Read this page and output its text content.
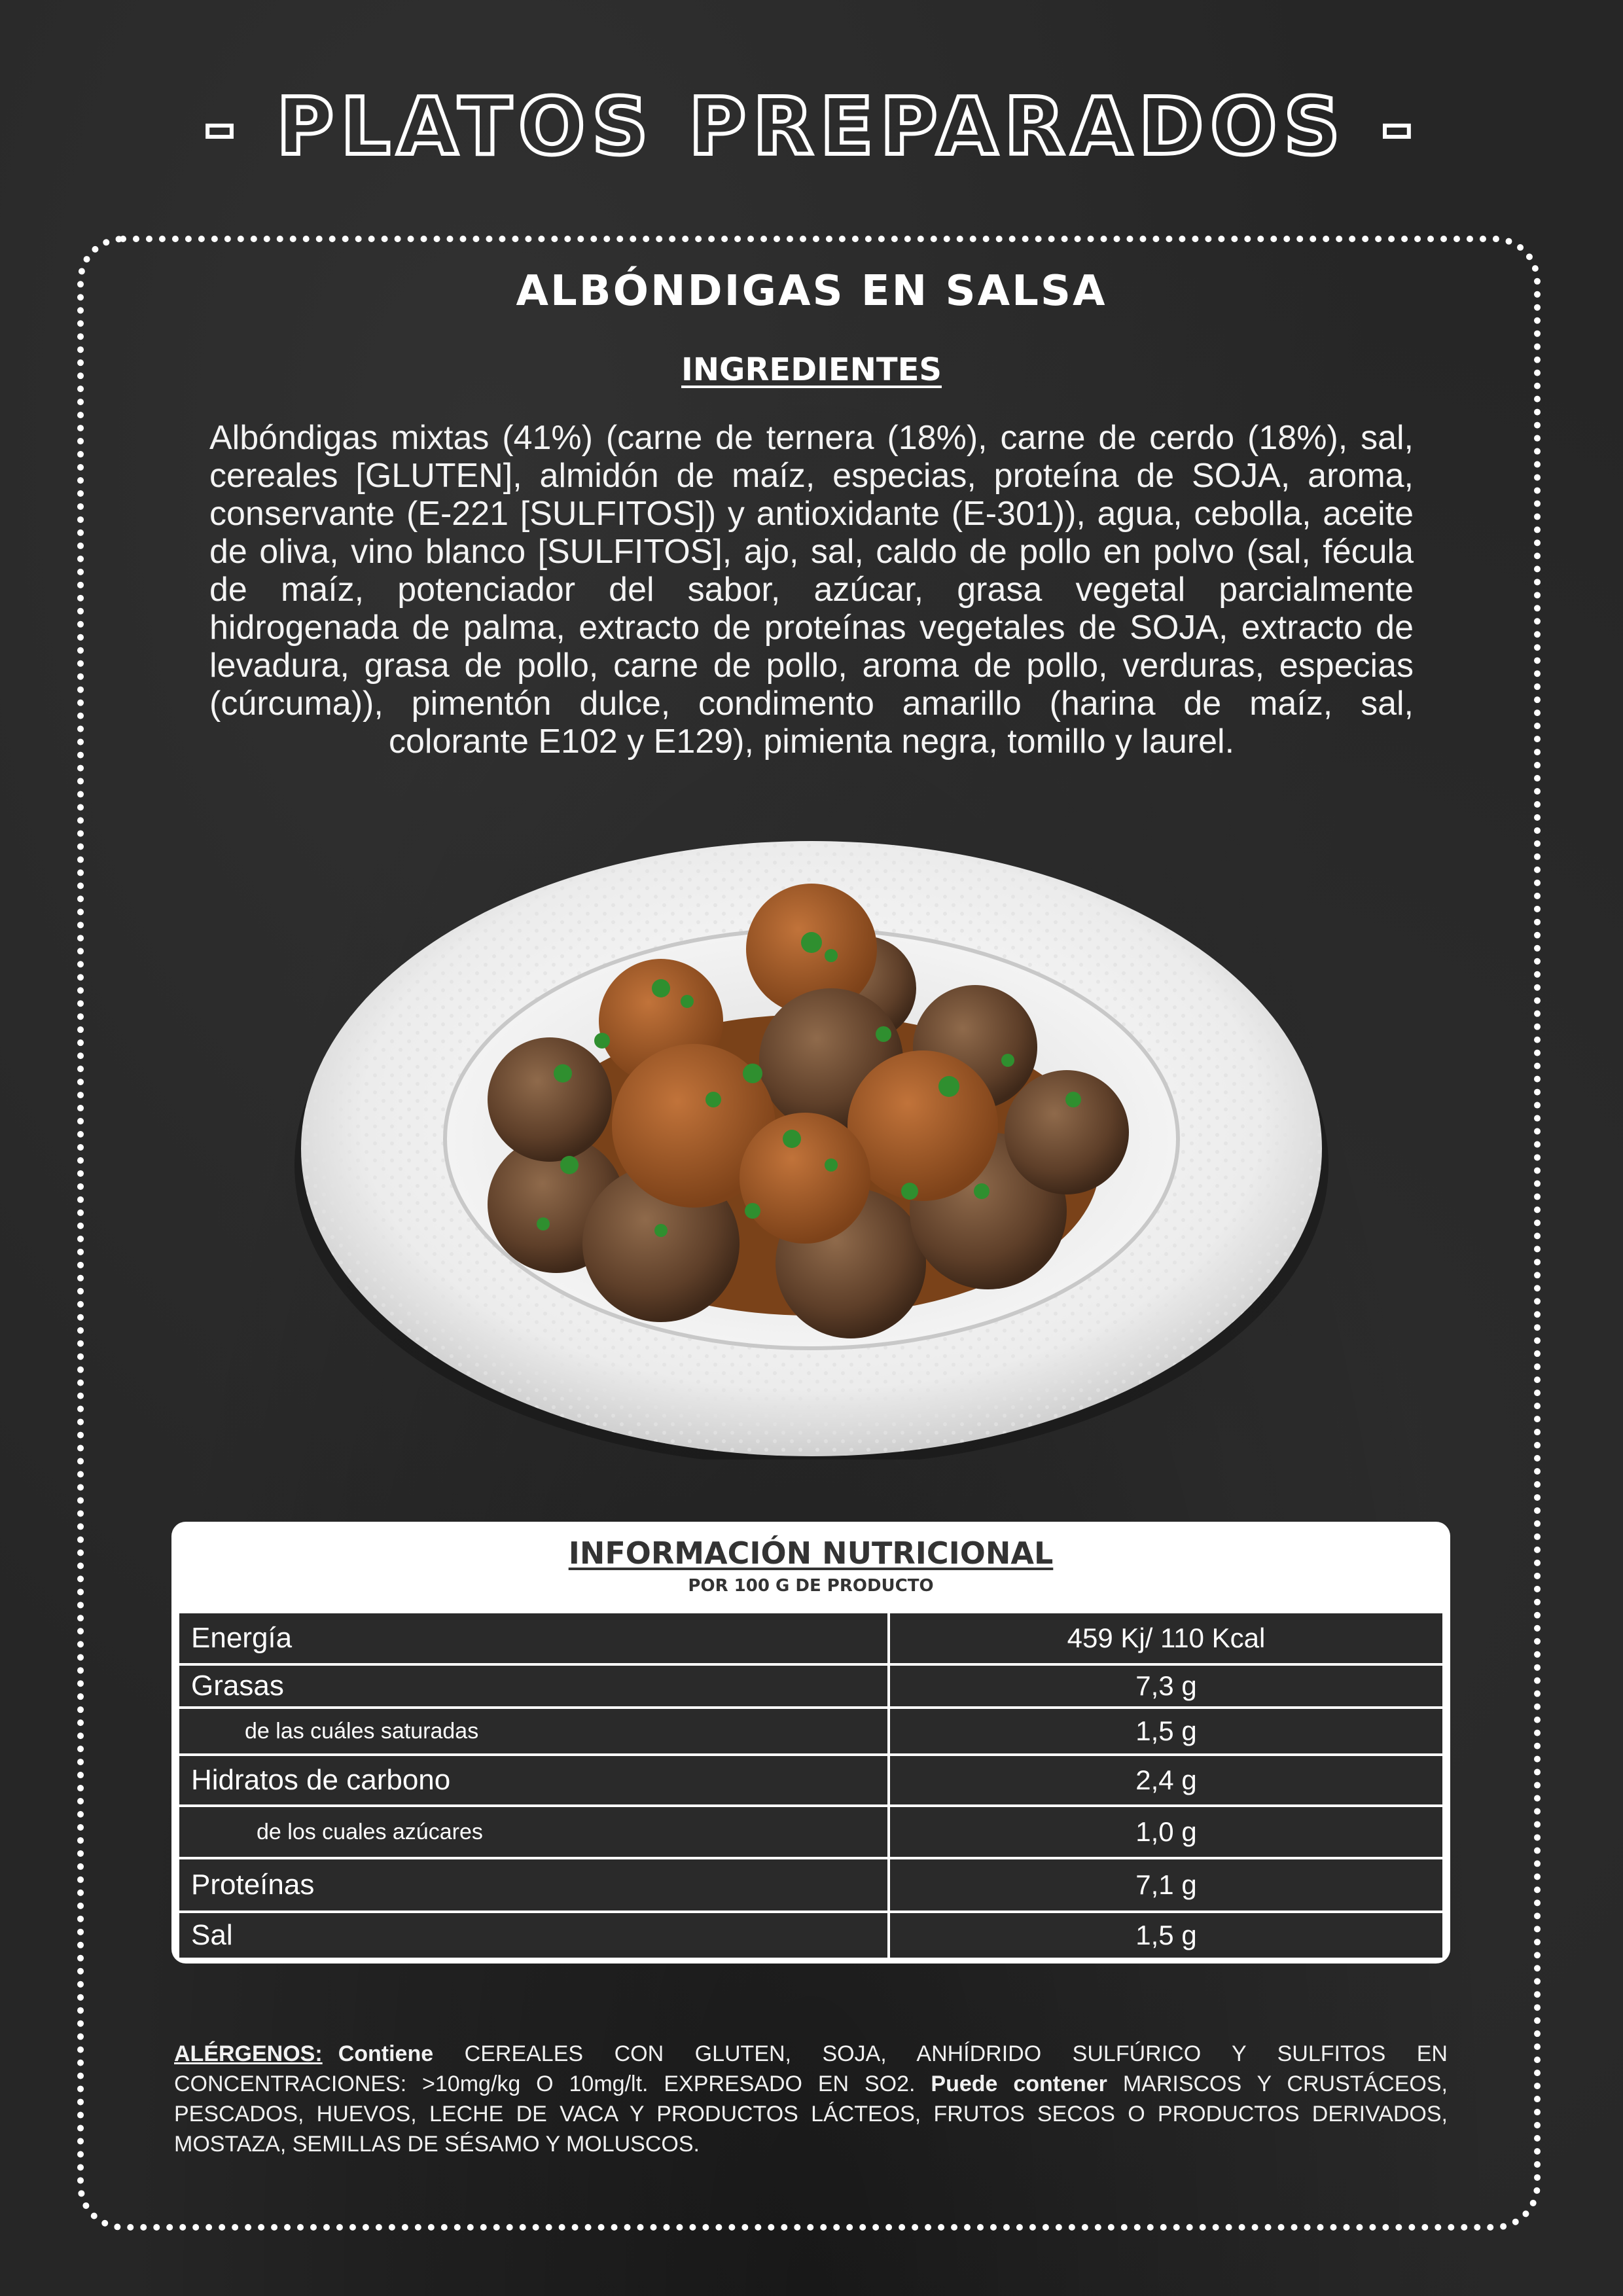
- PLATOS PREPARADOS -
ALBÓNDIGAS EN SALSA
INGREDIENTES
Albóndigas mixtas (41%) (carne de ternera (18%), carne de cerdo (18%), sal, cereales [GLUTEN], almidón de maíz, especias, proteína de SOJA, aroma, conservante (E-221 [SULFITOS]) y antioxidante (E-301)), agua, cebolla, aceite de oliva, vino blanco [SULFITOS], ajo, sal, caldo de pollo en polvo (sal, fécula de maíz, potenciador del sabor, azúcar, grasa vegetal parcialmente hidrogenada de palma, extracto de proteínas vegetales de SOJA, extracto de levadura, grasa de pollo, carne de pollo, aroma de pollo, verduras, especias (cúrcuma)), pimentón dulce, condimento amarillo (harina de maíz, sal, colorante E102 y E129), pimienta negra, tomillo y laurel.
INFORMACIÓN NUTRICIONAL
POR 100 G DE PRODUCTO
Energía	459 Kj/ 110 Kcal
Grasas	7,3 g
de las cuáles saturadas	1,5 g
Hidratos de carbono	2,4 g
de los cuales azúcares	1,0 g
Proteínas	7,1 g
Sal	1,5 g
ALÉRGENOS: Contiene CEREALES CON GLUTEN, SOJA, ANHÍDRIDO SULFÚRICO Y SULFITOS EN CONCENTRACIONES: >10mg/kg O 10mg/lt. EXPRESADO EN SO2. Puede contener MARISCOS Y CRUSTÁCEOS, PESCADOS, HUEVOS, LECHE DE VACA Y PRODUCTOS LÁCTEOS, FRUTOS SECOS O PRODUCTOS DERIVADOS, MOSTAZA, SEMILLAS DE SÉSAMO Y MOLUSCOS.
